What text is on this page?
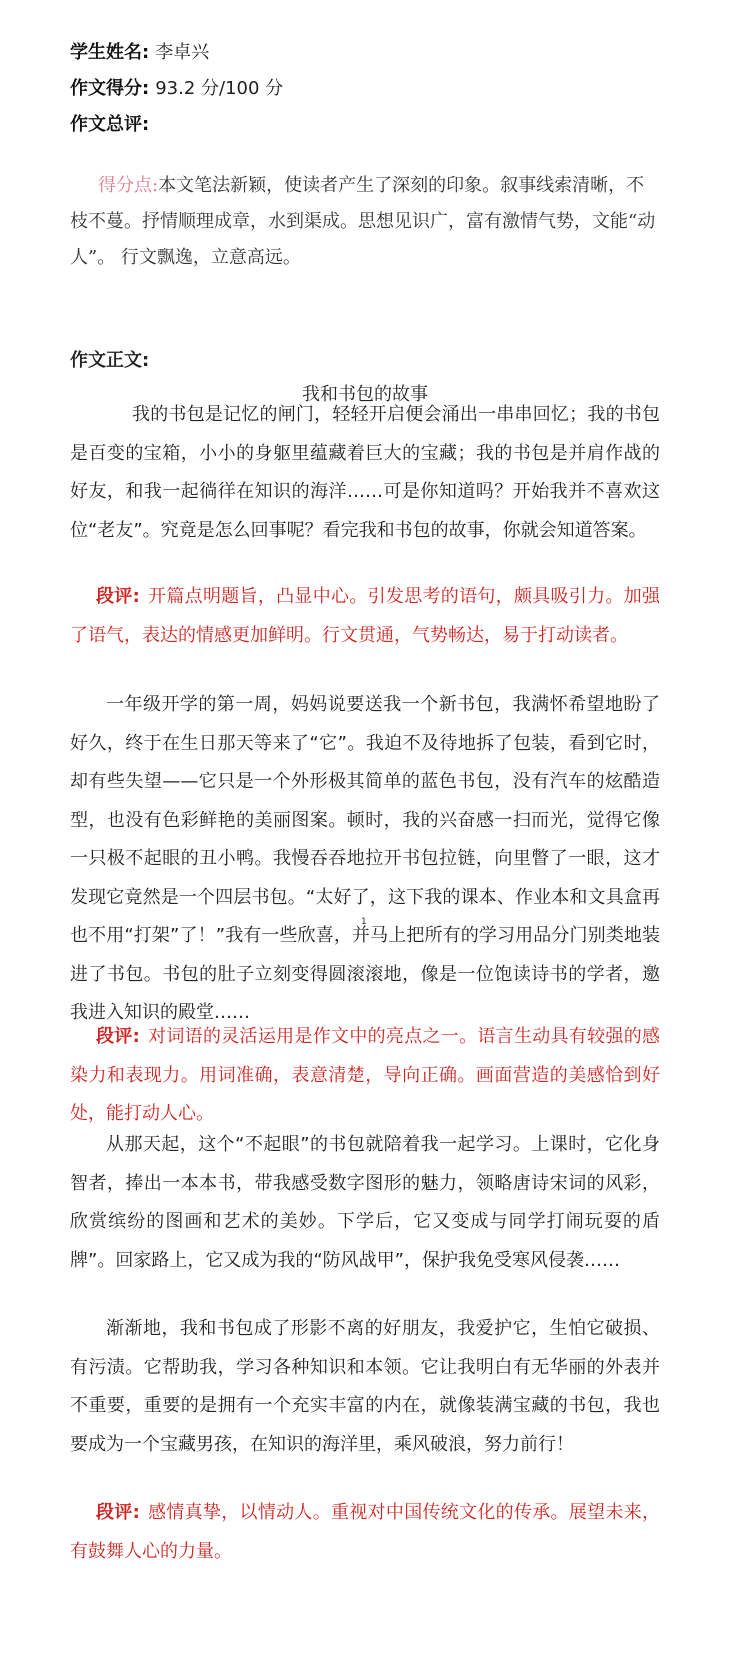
学生姓名: 李卓兴
作文得分: 93.2 分/100 分
作文总评:
得分点:本文笔法新颖，使读者产生了深刻的印象。叙事线索清晰，不枝不蔓。抒情顺理成章，水到渠成。思想见识广，富有激情气势，文能“动人”。 行文飘逸，立意高远。
作文正文:
我和书包的故事
我的书包是记忆的闸门，轻轻开启便会涌出一串串回忆；我的书包是百变的宝箱，小小的身躯里蕴藏着巨大的宝藏；我的书包是并肩作战的好友，和我一起徜徉在知识的海洋……可是你知道吗？开始我并不喜欢这位“老友”。究竟是怎么回事呢？看完我和书包的故事，你就会知道答案。
段评: 开篇点明题旨，凸显中心。引发思考的语句，颇具吸引力。加强了语气，表达的情感更加鲜明。行文贯通，气势畅达，易于打动读者。
一年级开学的第一周，妈妈说要送我一个新书包，我满怀希望地盼了好久，终于在生日那天等来了“它”。我迫不及待地拆了包装，看到它时，却有些失望——它只是一个外形极其简单的蓝色书包，没有汽车的炫酷造型，也没有色彩鲜艳的美丽图案。顿时，我的兴奋感一扫而光，觉得它像一只极不起眼的丑小鸭。我慢吞吞地拉开书包拉链，向里瞥了一眼，这才发现它竟然是一个四层书包。“太好了，这下我的课本、作业本和文具盒再也不用“打架”了！”我有一些欣喜，并马上把所有的学习用品分门别类地装进了书包。书包的肚子立刻变得圆滚滚地，像是一位饱读诗书的学者，邀我进入知识的殿堂……
1
段评: 对词语的灵活运用是作文中的亮点之一。语言生动具有较强的感染力和表现力。用词准确，表意清楚，导向正确。画面营造的美感恰到好处，能打动人心。
从那天起，这个“不起眼”的书包就陪着我一起学习。上课时，它化身智者，捧出一本本书，带我感受数字图形的魅力，领略唐诗宋词的风彩，欣赏缤纷的图画和艺术的美妙。下学后，它又变成与同学打闹玩耍的盾牌”。回家路上，它又成为我的“防风战甲”，保护我免受寒风侵袭……
渐渐地，我和书包成了形影不离的好朋友，我爱护它，生怕它破损、有污渍。它帮助我，学习各种知识和本领。它让我明白有无华丽的外表并不重要，重要的是拥有一个充实丰富的内在，就像装满宝藏的书包，我也要成为一个宝藏男孩，在知识的海洋里，乘风破浪，努力前行！
段评: 感情真挚，以情动人。重视对中国传统文化的传承。展望未来，有鼓舞人心的力量。
